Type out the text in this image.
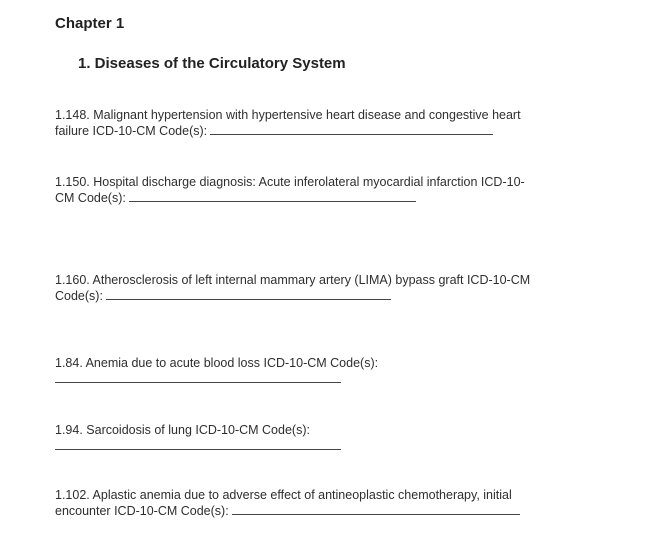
Chapter 1
1. Diseases of the Circulatory System
1.148. Malignant hypertension with hypertensive heart disease and congestive heart
failure ICD-10-CM Code(s):
1.150. Hospital discharge diagnosis: Acute inferolateral myocardial infarction ICD-10-
CM Code(s):
1.160. Atherosclerosis of left internal mammary artery (LIMA) bypass graft ICD-10-CM
Code(s):
1.84. Anemia due to acute blood loss ICD-10-CM Code(s):
1.94. Sarcoidosis of lung ICD-10-CM Code(s):
1.102. Aplastic anemia due to adverse effect of antineoplastic chemotherapy, initial
encounter ICD-10-CM Code(s):
